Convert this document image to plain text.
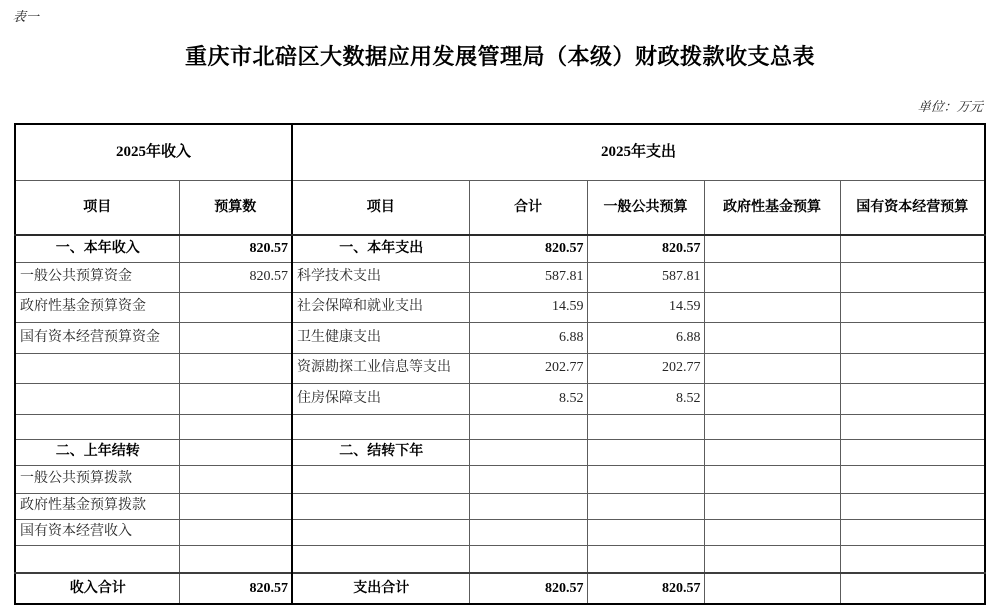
表一
重庆市北碚区大数据应用发展管理局（本级）财政拨款收支总表
单位：万元
2025年收入		2025年支出				
项目	预算数	项目	合计	一般公共预算	政府性基金预算	国有资本经营预算
一、本年收入	820.57	一、本年支出	820.57	820.57		
一般公共预算资金	820.57	科学技术支出	587.81	587.81		
政府性基金预算资金		社会保障和就业支出	14.59	14.59		
国有资本经营预算资金		卫生健康支出	6.88	6.88		
		资源勘探工业信息等支出	202.77	202.77		
		住房保障支出	8.52	8.52		

二、上年结转		二、结转下年				
一般公共预算拨款						
政府性基金预算拨款						
国有资本经营收入						

收入合计	820.57	支出合计	820.57	820.57		
